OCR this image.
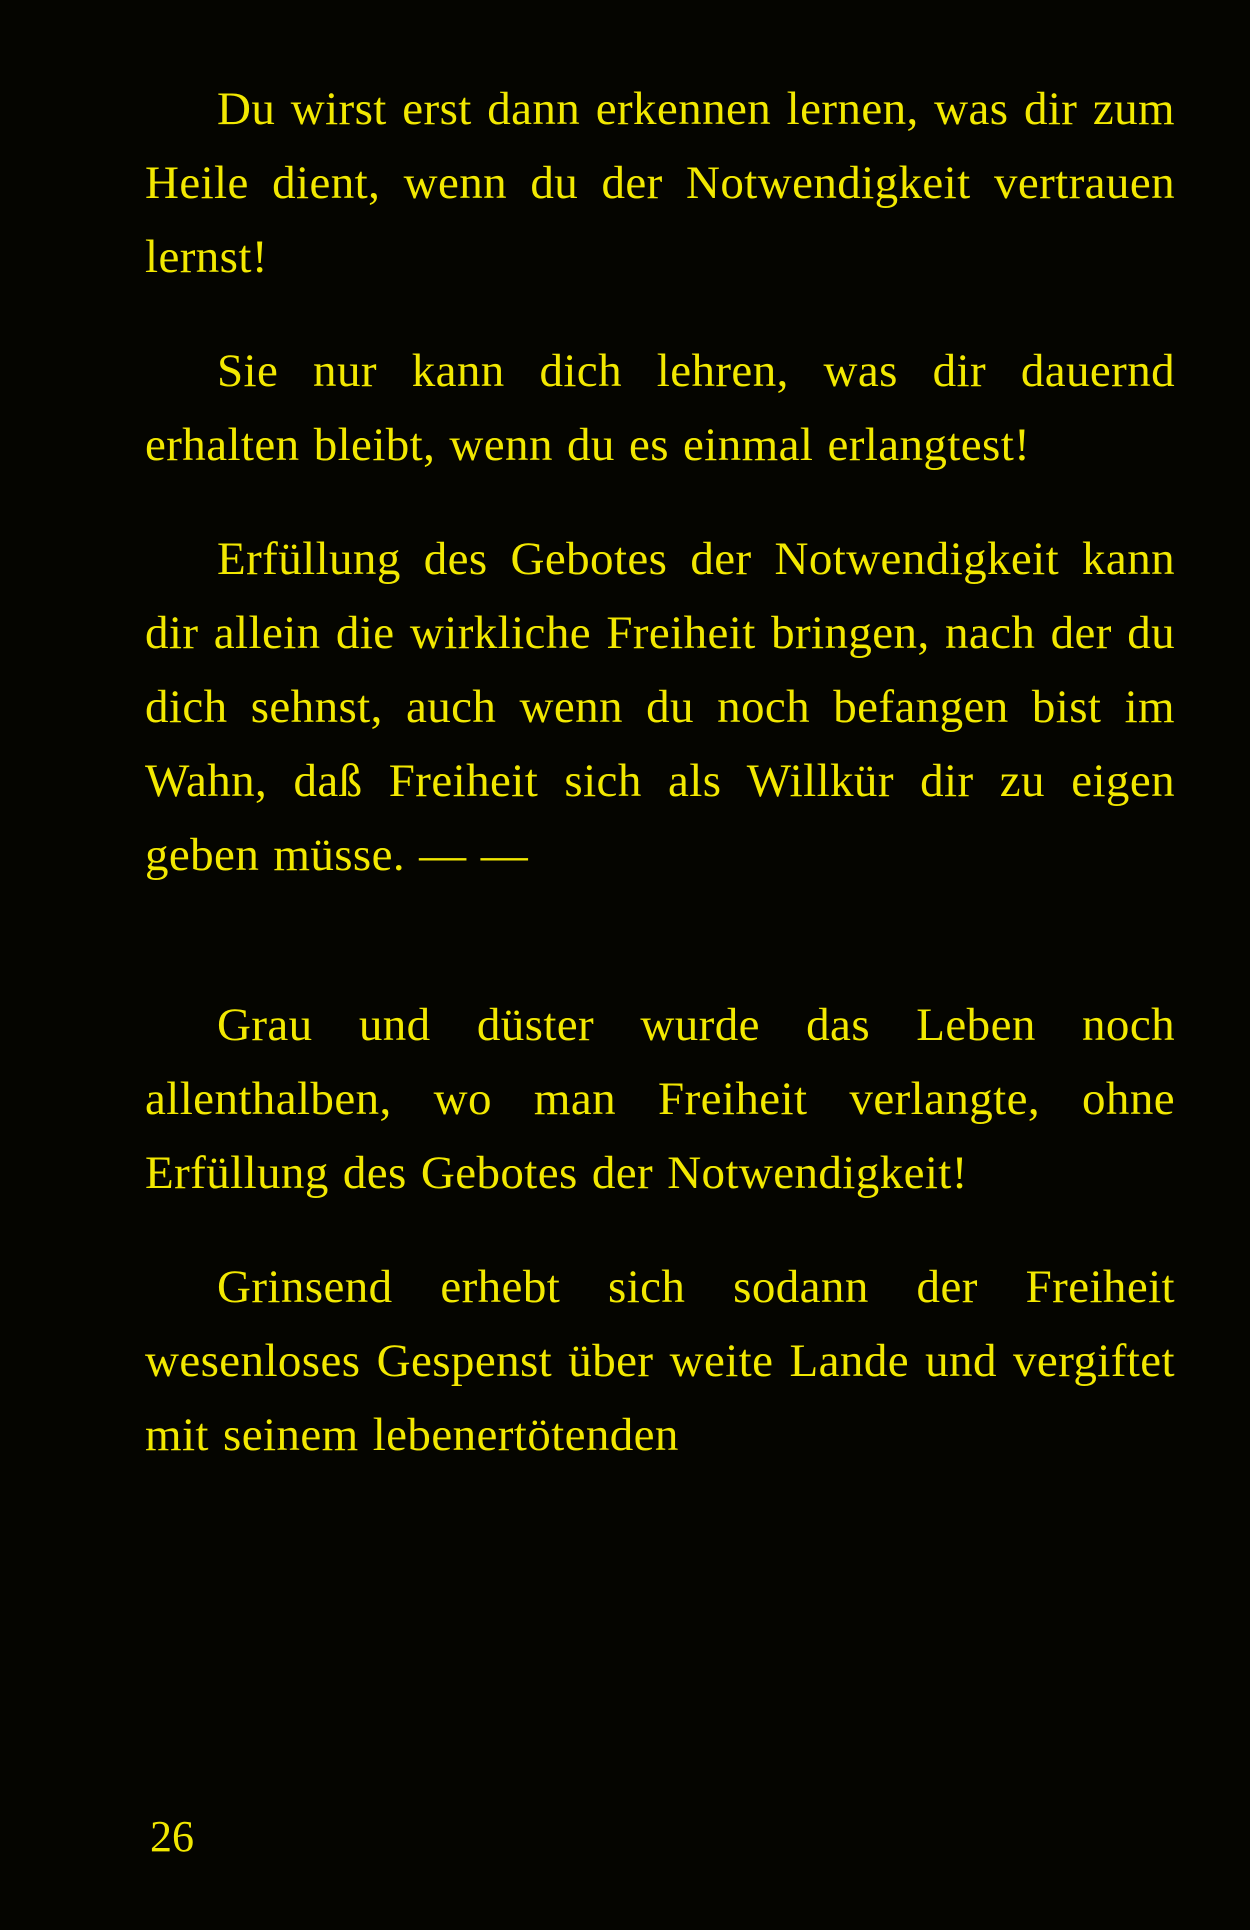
Du wirst erst dann erkennen lernen, was dir zum Heile dient, wenn du der Notwendigkeit vertrauen lernst!

Sie nur kann dich lehren, was dir dauernd erhalten bleibt, wenn du es einmal erlangtest!

Erfüllung des Gebotes der Notwendigkeit kann dir allein die wirkliche Freiheit bringen, nach der du dich sehnst, auch wenn du noch befangen bist im Wahn, daß Freiheit sich als Willkür dir zu eigen geben müsse. — —

Grau und düster wurde das Leben noch allenthalben, wo man Freiheit verlangte, ohne Erfüllung des Gebotes der Notwendigkeit!

Grinsend erhebt sich sodann der Freiheit wesenloses Gespenst über weite Lande und vergiftet mit seinem lebenertötenden

26
